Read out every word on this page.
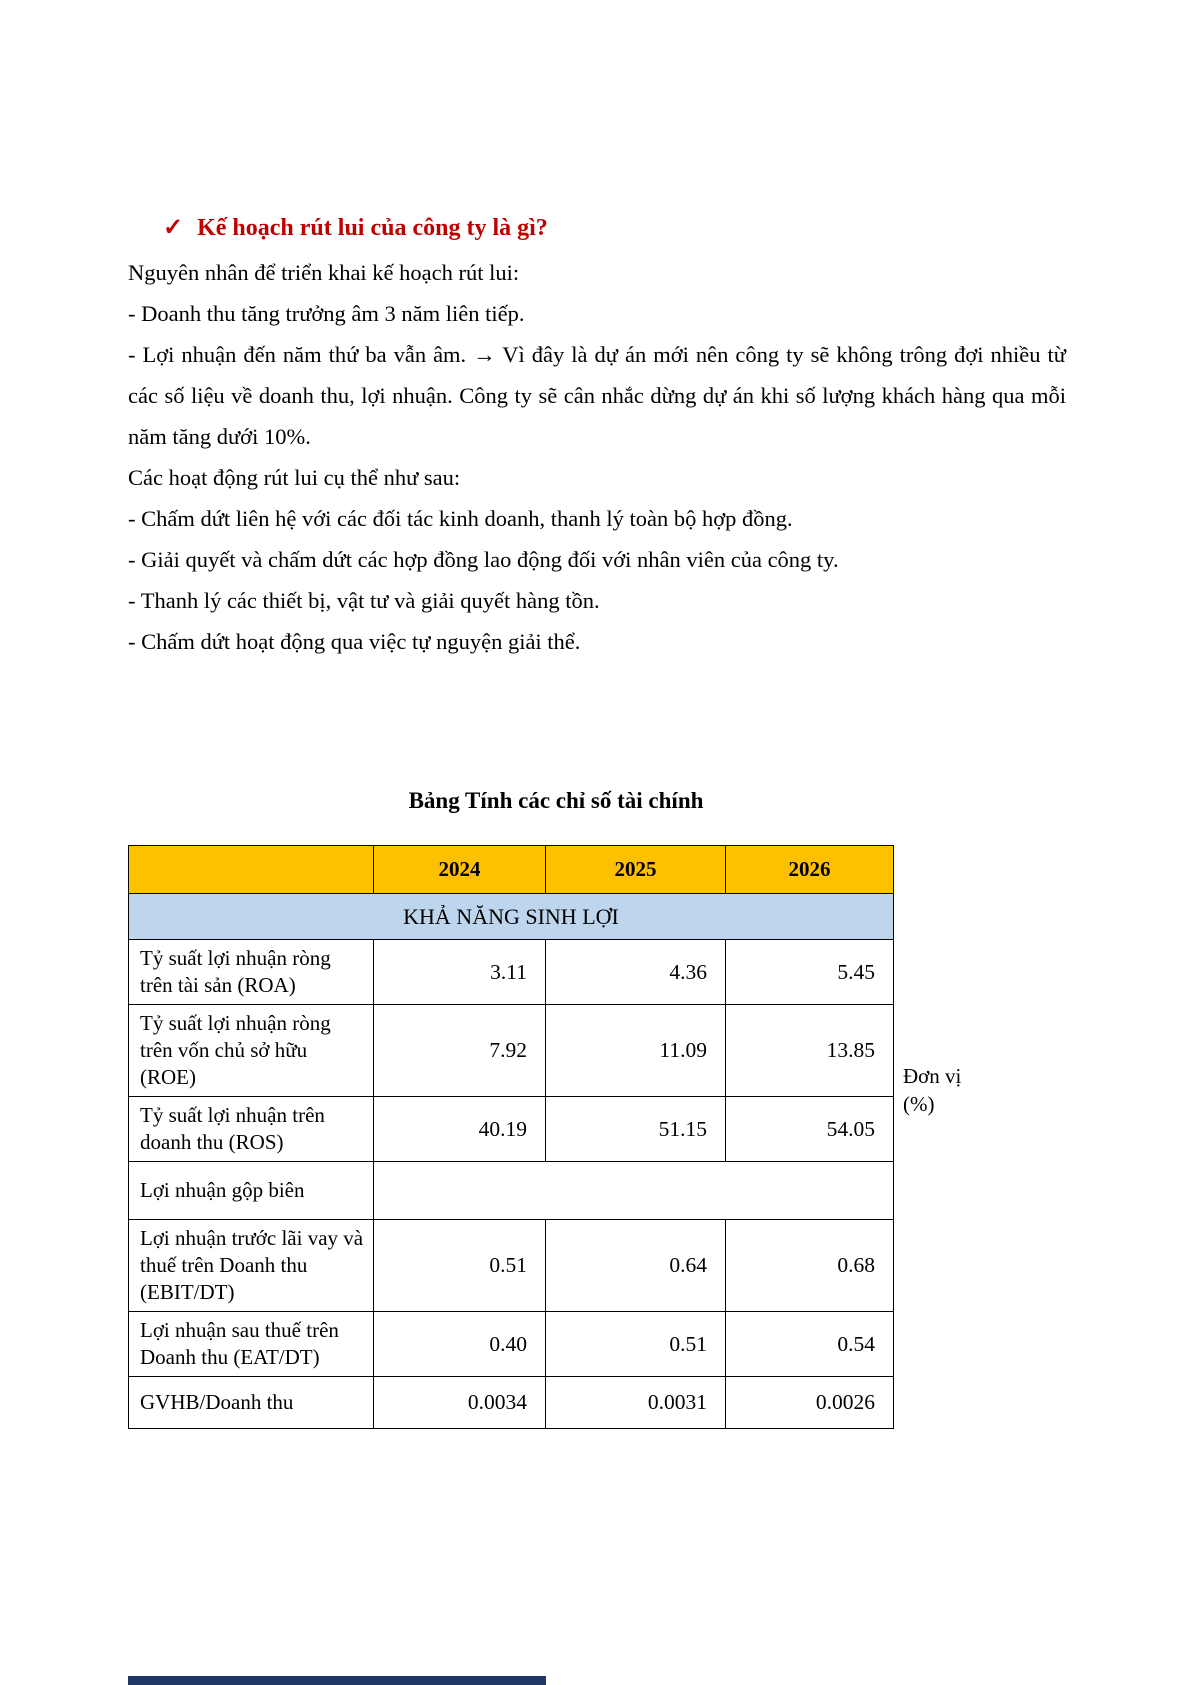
✓ Kế hoạch rút lui của công ty là gì?

Nguyên nhân để triển khai kế hoạch rút lui:

- Doanh thu tăng trưởng âm 3 năm liên tiếp.

- Lợi nhuận đến năm thứ ba vẫn âm. → Vì đây là dự án mới nên công ty sẽ không trông đợi nhiều từ các số liệu về doanh thu, lợi nhuận. Công ty sẽ cân nhắc dừng dự án khi số lượng khách hàng qua mỗi năm tăng dưới 10%.

Các hoạt động rút lui cụ thể như sau:

- Chấm dứt liên hệ với các đối tác kinh doanh, thanh lý toàn bộ hợp đồng.

- Giải quyết và chấm dứt các hợp đồng lao động đối với nhân viên của công ty.

- Thanh lý các thiết bị, vật tư và giải quyết hàng tồn.

- Chấm dứt hoạt động qua việc tự nguyện giải thể.

Bảng Tính các chỉ số tài chính
	2024	2025	2026
KHẢ NĂNG SINH LỢI			
Tỷ suất lợi nhuận ròng trên tài sản (ROA)	3.11	4.36	5.45
Tỷ suất lợi nhuận ròng trên vốn chủ sở hữu (ROE)	7.92	11.09	13.85
Tỷ suất lợi nhuận trên doanh thu (ROS)	40.19	51.15	54.05
Lợi nhuận gộp biên			
Lợi nhuận trước lãi vay và thuế trên Doanh thu (EBIT/DT)	0.51	0.64	0.68
Lợi nhuận sau thuế trên Doanh thu (EAT/DT)	0.40	0.51	0.54
GVHB/Doanh thu	0.0034	0.0031	0.0026
Đơn vị
(%)
